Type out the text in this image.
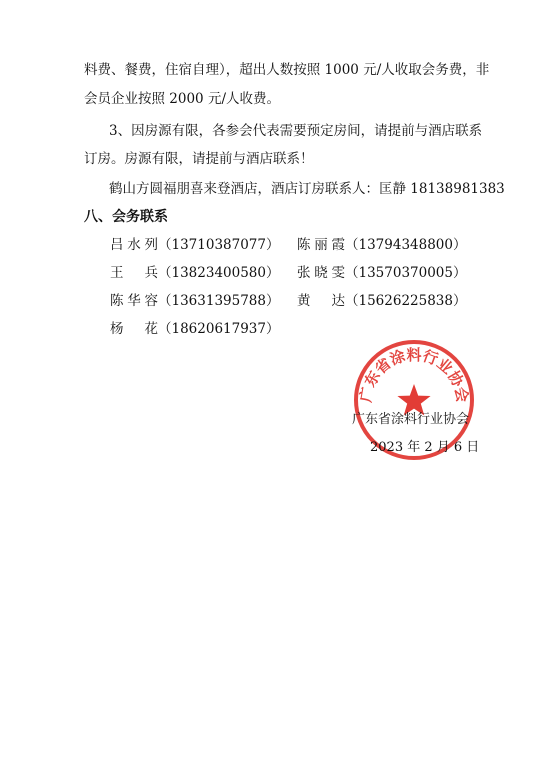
料费、餐费，住宿自理），超出人数按照 1000 元/人收取会务费，非
会员企业按照 2000 元/人收费。
3、因房源有限，各参会代表需要预定房间，请提前与酒店联系
订房。房源有限，请提前与酒店联系！
鹤山方圆福朋喜来登酒店，酒店订房联系人：匡静 18138981383
八、会务联系
吕水列（13710387077） 陈丽霞（13794348800）
王兵（13823400580） 张晓雯（13570370005）
陈华容（13631395788） 黄达（15626225838）
杨花（18620617937）
广东省涂料行业协会
广东省涂料行业协会
2023 年 2 月 6 日
